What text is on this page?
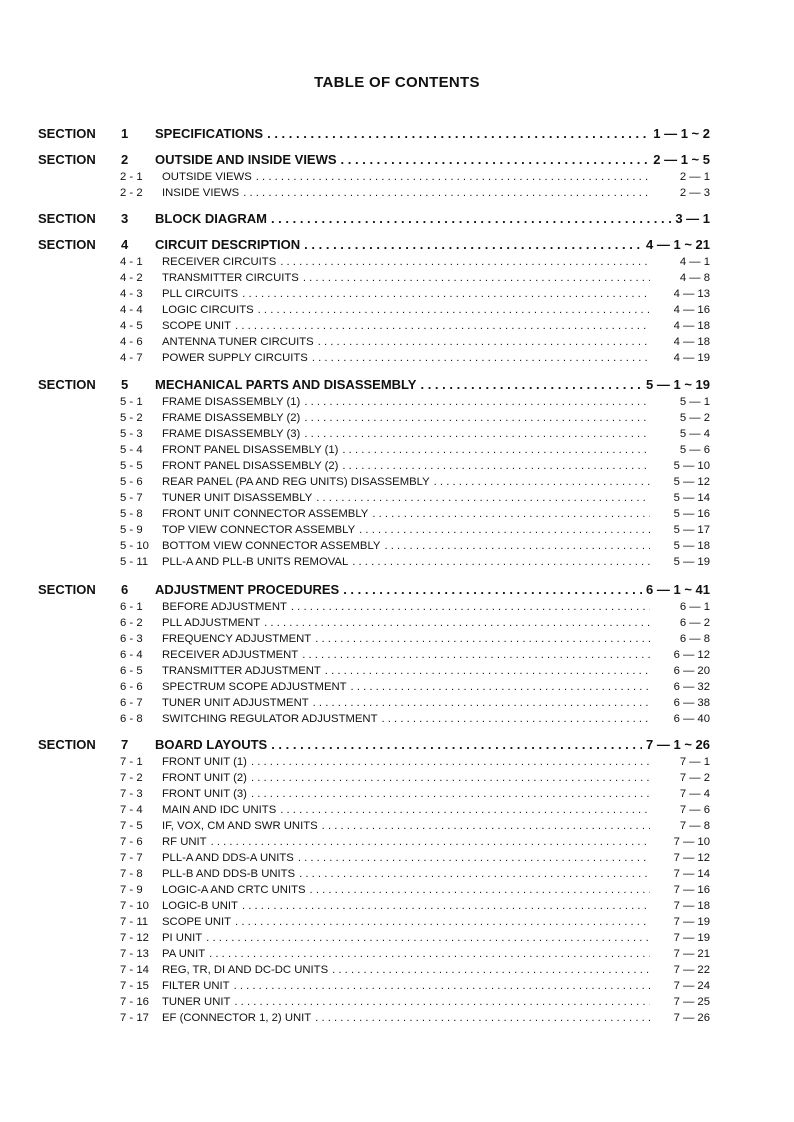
TABLE OF CONTENTS
SECTION	1	SPECIFICATIONS . . .	1 — 1 ~ 2
SECTION	2	OUTSIDE AND INSIDE VIEWS . . .	2 — 1 ~ 5
2 - 1	OUTSIDE VIEWS . . .	2 — 1
2 - 2	INSIDE VIEWS . . .	2 — 3
SECTION	3	BLOCK DIAGRAM . . .	3 — 1
SECTION	4	CIRCUIT DESCRIPTION . . .	4 — 1 ~ 21
4 - 1	RECEIVER CIRCUITS . . .	4 — 1
4 - 2	TRANSMITTER CIRCUITS . . .	4 — 8
4 - 3	PLL CIRCUITS . . .	4 — 13
4 - 4	LOGIC CIRCUITS . . .	4 — 16
4 - 5	SCOPE UNIT . . .	4 — 18
4 - 6	ANTENNA TUNER CIRCUITS . . .	4 — 18
4 - 7	POWER SUPPLY CIRCUITS . . .	4 — 19
SECTION	5	MECHANICAL PARTS AND DISASSEMBLY . . .	5 — 1 ~ 19
5 - 1	FRAME DISASSEMBLY (1) . . .	5 — 1
5 - 2	FRAME DISASSEMBLY (2) . . .	5 — 2
5 - 3	FRAME DISASSEMBLY (3) . . .	5 — 4
5 - 4	FRONT PANEL DISASSEMBLY (1) . . .	5 — 6
5 - 5	FRONT PANEL DISASSEMBLY (2) . . .	5 — 10
5 - 6	REAR PANEL (PA AND REG UNITS) DISASSEMBLY . . .	5 — 12
5 - 7	TUNER UNIT DISASSEMBLY . . .	5 — 14
5 - 8	FRONT UNIT CONNECTOR ASSEMBLY . . .	5 — 16
5 - 9	TOP VIEW CONNECTOR ASSEMBLY . . .	5 — 17
5 - 10	BOTTOM VIEW CONNECTOR ASSEMBLY . . .	5 — 18
5 - 11	PLL-A AND PLL-B UNITS REMOVAL . . .	5 — 19
SECTION	6	ADJUSTMENT PROCEDURES . . .	6 — 1 ~ 41
6 - 1	BEFORE ADJUSTMENT . . .	6 — 1
6 - 2	PLL ADJUSTMENT . . .	6 — 2
6 - 3	FREQUENCY ADJUSTMENT . . .	6 — 8
6 - 4	RECEIVER ADJUSTMENT . . .	6 — 12
6 - 5	TRANSMITTER ADJUSTMENT . . .	6 — 20
6 - 6	SPECTRUM SCOPE ADJUSTMENT . . .	6 — 32
6 - 7	TUNER UNIT ADJUSTMENT . . .	6 — 38
6 - 8	SWITCHING REGULATOR ADJUSTMENT . . .	6 — 40
SECTION	7	BOARD LAYOUTS . . .	7 — 1 ~ 26
7 - 1	FRONT UNIT (1) . . .	7 — 1
7 - 2	FRONT UNIT (2) . . .	7 — 2
7 - 3	FRONT UNIT (3) . . .	7 — 4
7 - 4	MAIN AND IDC UNITS . . .	7 — 6
7 - 5	IF, VOX, CM AND SWR UNITS . . .	7 — 8
7 - 6	RF UNIT . . .	7 — 10
7 - 7	PLL-A AND DDS-A UNITS . . .	7 — 12
7 - 8	PLL-B AND DDS-B UNITS . . .	7 — 14
7 - 9	LOGIC-A AND CRTC UNITS . . .	7 — 16
7 - 10	LOGIC-B UNIT . . .	7 — 18
7 - 11	SCOPE UNIT . . .	7 — 19
7 - 12	PI UNIT . . .	7 — 19
7 - 13	PA UNIT . . .	7 — 21
7 - 14	REG, TR, DI AND DC-DC UNITS . . .	7 — 22
7 - 15	FILTER UNIT . . .	7 — 24
7 - 16	TUNER UNIT . . .	7 — 25
7 - 17	EF (CONNECTOR 1, 2) UNIT . . .	7 — 26
